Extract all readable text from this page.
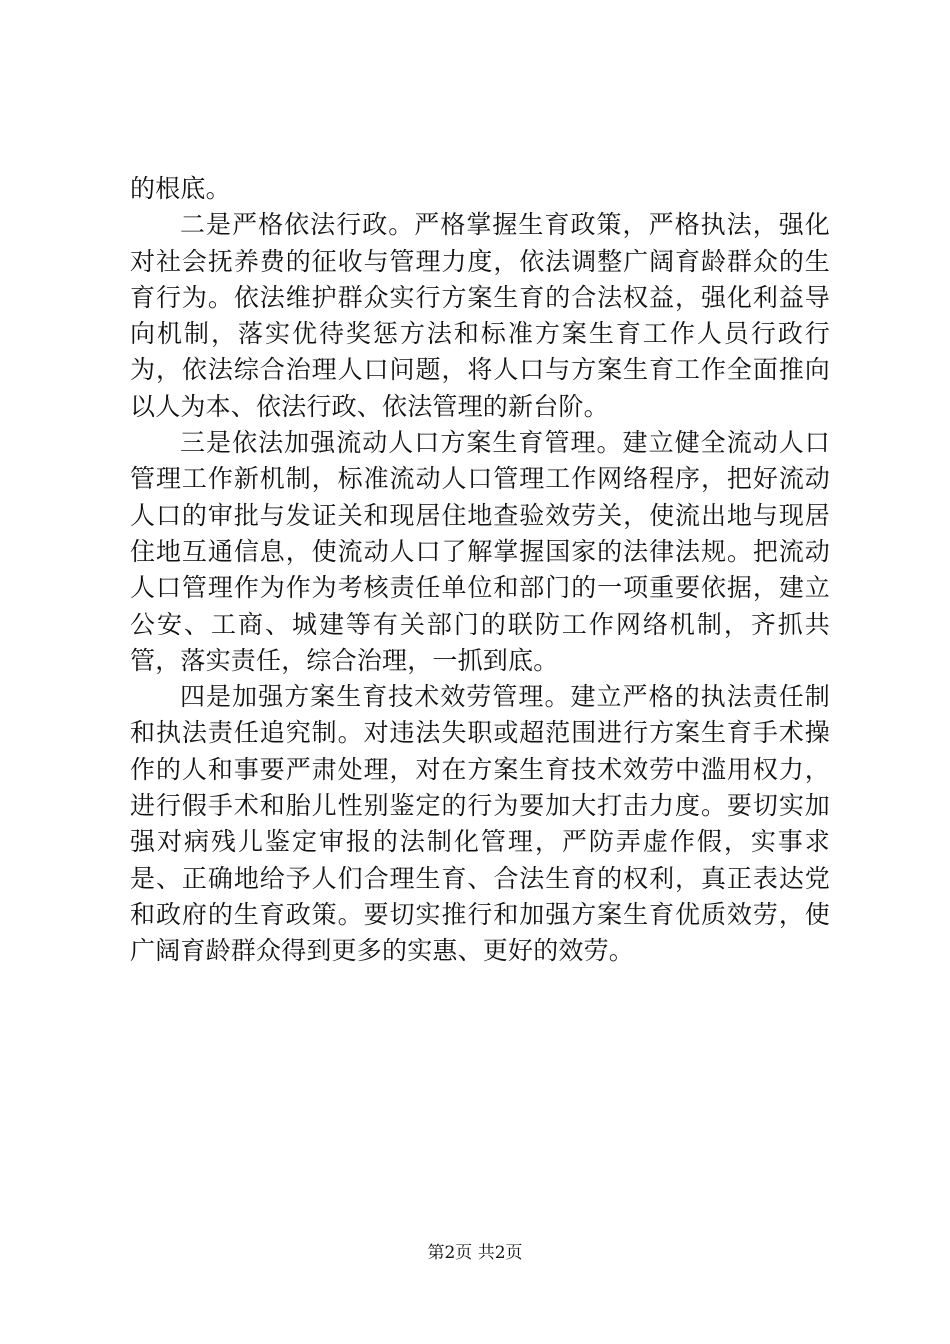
的根底。

二是严格依法行政。严格掌握生育政策，严格执法，强化对社会抚养费的征收与管理力度，依法调整广阔育龄群众的生育行为。依法维护群众实行方案生育的合法权益，强化利益导向机制，落实优待奖惩方法和标准方案生育工作人员行政行为，依法综合治理人口问题，将人口与方案生育工作全面推向以人为本、依法行政、依法管理的新台阶。

三是依法加强流动人口方案生育管理。建立健全流动人口管理工作新机制，标准流动人口管理工作网络程序，把好流动人口的审批与发证关和现居住地查验效劳关，使流出地与现居住地互通信息，使流动人口了解掌握国家的法律法规。把流动人口管理作为作为考核责任单位和部门的一项重要依据，建立公安、工商、城建等有关部门的联防工作网络机制，齐抓共管，落实责任，综合治理，一抓到底。

四是加强方案生育技术效劳管理。建立严格的执法责任制和执法责任追究制。对违法失职或超范围进行方案生育手术操作的人和事要严肃处理，对在方案生育技术效劳中滥用权力，进行假手术和胎儿性别鉴定的行为要加大打击力度。要切实加强对病残儿鉴定审报的法制化管理，严防弄虚作假，实事求是、正确地给予人们合理生育、合法生育的权利，真正表达党和政府的生育政策。要切实推行和加强方案生育优质效劳，使广阔育龄群众得到更多的实惠、更好的效劳。

第2页 共2页
